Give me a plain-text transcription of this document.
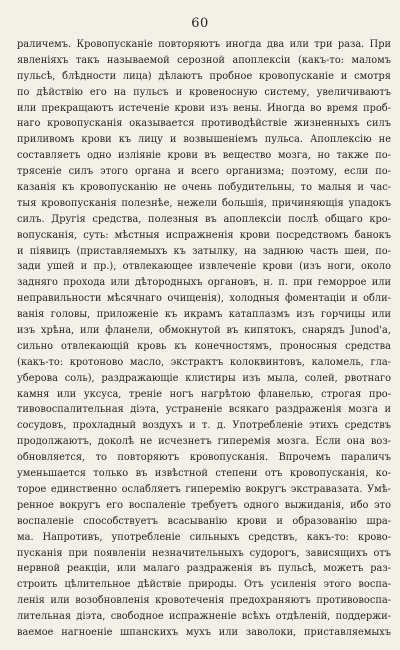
60
раличемъ. Кровопусканіе повторяютъ иногда два или три раза. При
явленіяхъ такъ называемой серозной апоплексіи (какъ-то: маломъ
пульсѣ, блѣдности лица) дѣлаютъ пробное кровопусканіе и смотря
по дѣйствію его на пульсъ и кровеносную систему, увеличиваютъ
или прекращаютъ истеченіе крови изъ вены. Иногда во время проб-
наго кровопусканія оказывается противодѣйствіе жизненныхъ силъ
приливомъ крови къ лицу и возвышеніемъ пульса. Апоплексію не
составляетъ одно изліяніе крови въ вещество мозга, но также по-
трясеніе силъ этого органа и всего организма; поэтому, если по-
казанія къ кровопусканію не очень побудительны, то малыя и час-
тыя кровопусканія полезнѣе, нежели большія, причиняющія упадокъ
силъ. Другія средства, полезныя въ апоплексіи послѣ общаго кро-
вопусканія, суть: мѣстныя испражненія крови посредствомъ банокъ
и піявицъ (приставляемыхъ къ затылку, на заднюю часть шеи, по-
зади ушей и пр.), отвлекающее извлеченіе крови (изъ ноги, около
задняго прохода или дѣтородныхъ органовъ, н. п. при геморрое или
неправильности мѣсячнаго очищенія), холодныя фоментаціи и обли-
ванія головы, приложеніе къ икрамъ катаплазмъ изъ горчицы или
изъ хрѣна, или фланели, обмокнутой въ кипятокъ, снарядъ Junod'а,
сильно отвлекающій кровь къ конечностямъ, проносныя средства
(какъ-то: кротоново масло, экстрактъ колоквинтовъ, каломель, гла-
уберова соль), раздражающіе клистиры изъ мыла, солей, рвотнаго
камня или уксуса, треніе ногъ нагрѣтою фланелью, строгая про-
тивовоспалительная діэта, устраненіе всякаго раздраженія мозга и
сосудовъ, прохладный воздухъ и т. д. Употребленіе этихъ средствъ
продолжаютъ, доколѣ не исчезнетъ гиперемія мозга. Если она воз-
обновляется, то повторяютъ кровопусканія. Впрочемъ параличъ
уменьшается только въ извѣстной степени отъ кровопусканія, ко-
торое единственно ослабляетъ гиперемію вокругъ экстравазата. Умѣ-
ренное вокругъ его воспаленіе требуетъ одного выжиданія, ибо это
воспаленіе способствуетъ всасыванію крови и образованію шра-
ма. Напротивъ, употребленіе сильныхъ средствъ, какъ-то: крово-
пусканія при появленіи незначительныхъ судорогъ, зависящихъ отъ
нервной реакціи, или малаго раздраженія въ пульсѣ, можетъ раз-
строить цѣлительное дѣйствіе природы. Отъ усиленія этого воспа-
ленія или возобновленія кровотеченія предохраняютъ противовоспа-
лительная діэта, свободное испражненіе всѣхъ отдѣленій, поддержи-
ваемое нагноеніе шпанскихъ мухъ или заволоки, приставляемыхъ
